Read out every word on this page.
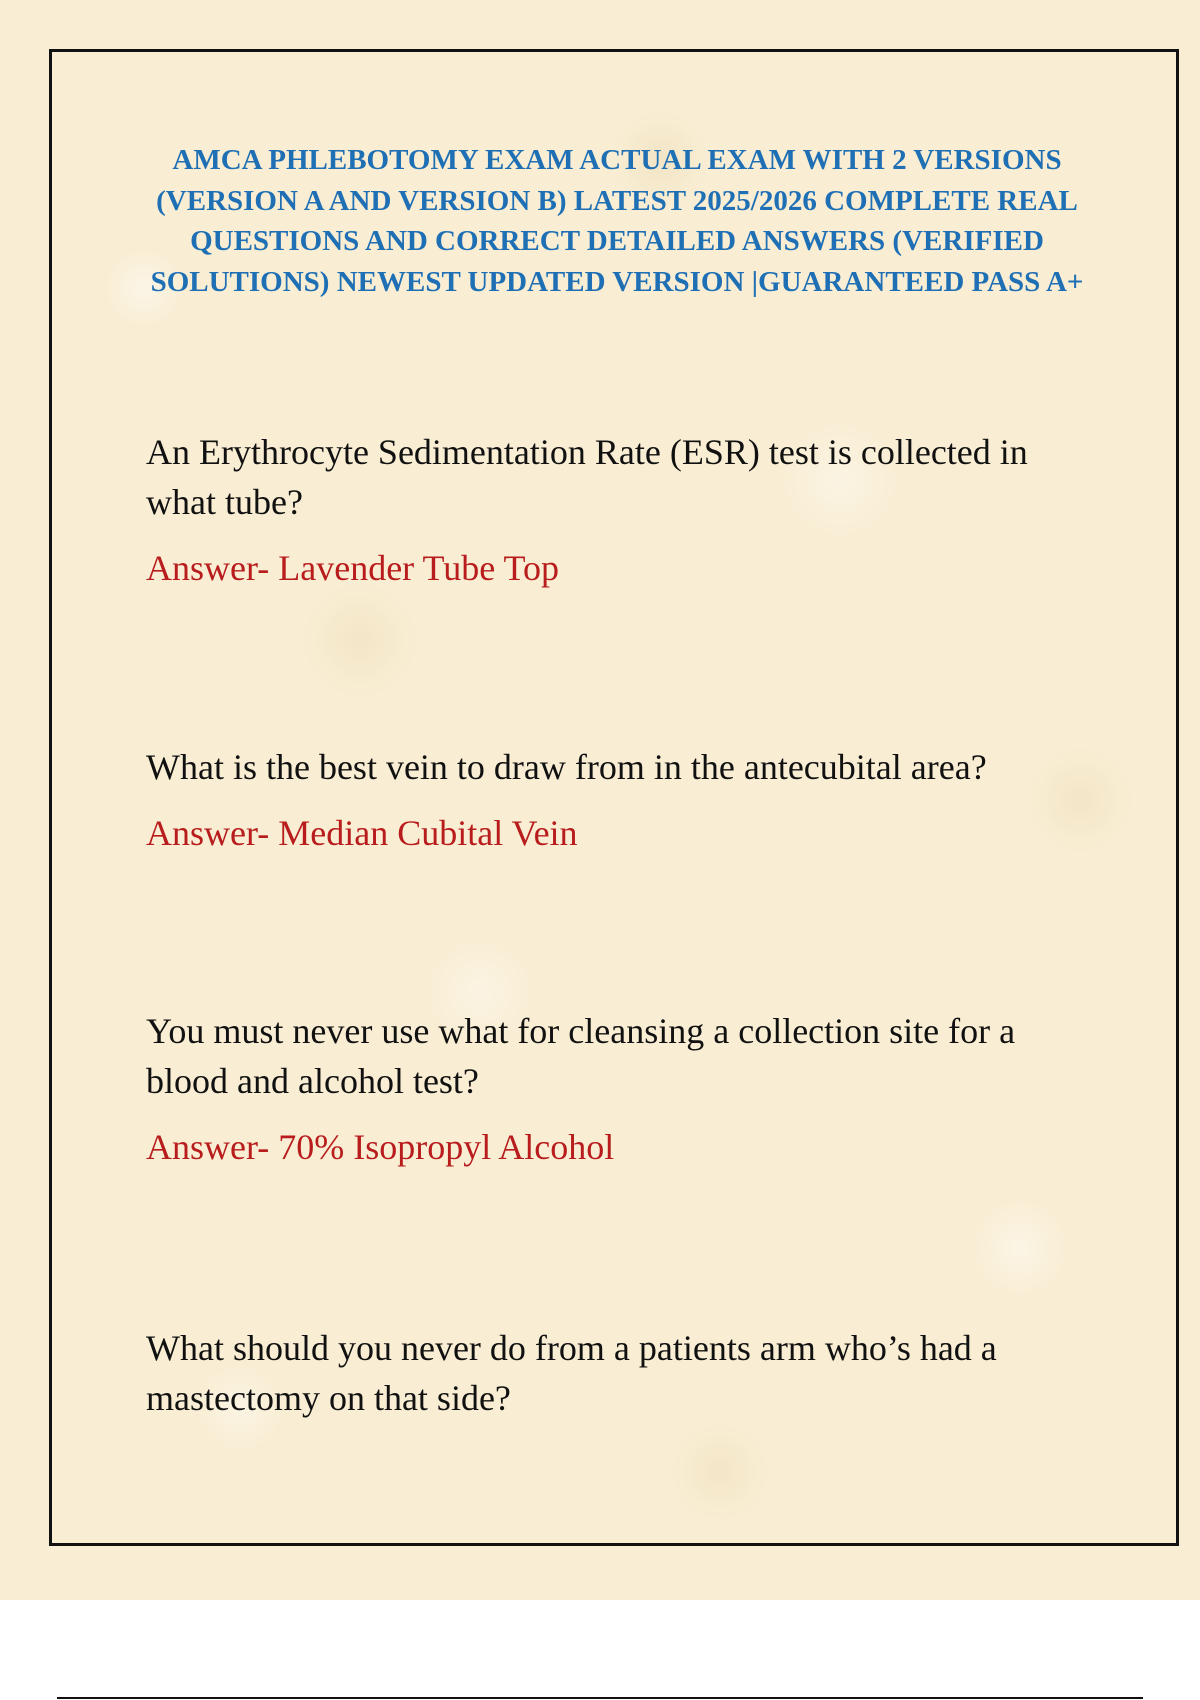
AMCA PHLEBOTOMY EXAM ACTUAL EXAM WITH 2 VERSIONS (VERSION A AND VERSION B) LATEST 2025/2026 COMPLETE REAL QUESTIONS AND CORRECT DETAILED ANSWERS (VERIFIED SOLUTIONS) NEWEST UPDATED VERSION |GUARANTEED PASS A+

An Erythrocyte Sedimentation Rate (ESR) test is collected in what tube?

Answer- Lavender Tube Top

What is the best vein to draw from in the antecubital area?

Answer- Median Cubital Vein

You must never use what for cleansing a collection site for a blood and alcohol test?

Answer- 70% Isopropyl Alcohol

What should you never do from a patients arm who’s had a mastectomy on that side?
